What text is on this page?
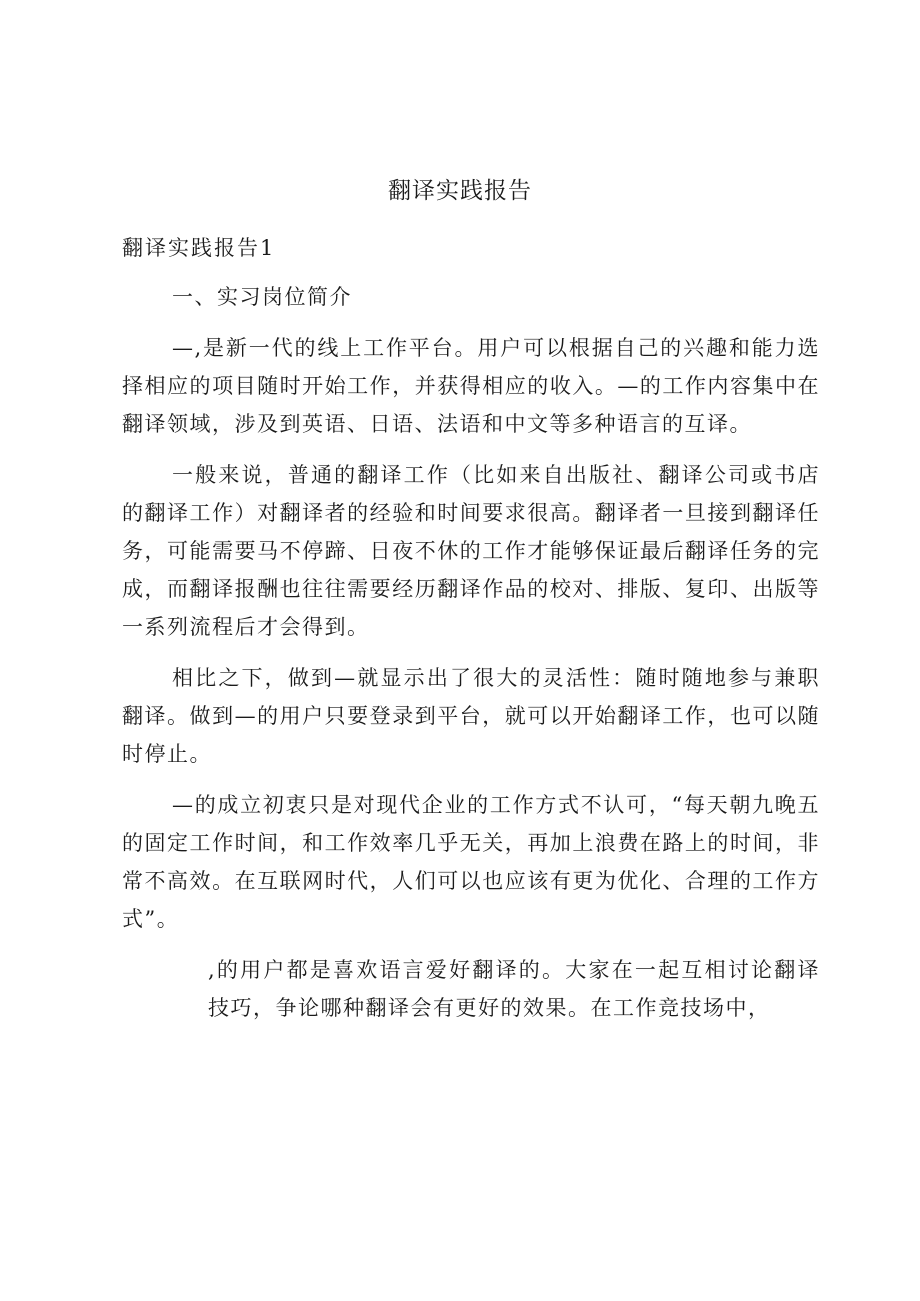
翻译实践报告
翻译实践报告1

一、实习岗位简介

—,是新一代的线上工作平台。用户可以根据自己的兴趣和能力选择相应的项目随时开始工作，并获得相应的收入。—的工作内容集中在翻译领域，涉及到英语、日语、法语和中文等多种语言的互译。

一般来说，普通的翻译工作（比如来自出版社、翻译公司或书店的翻译工作）对翻译者的经验和时间要求很高。翻译者一旦接到翻译任务，可能需要马不停蹄、日夜不休的工作才能够保证最后翻译任务的完成，而翻译报酬也往往需要经历翻译作品的校对、排版、复印、出版等一系列流程后才会得到。

相比之下，做到—就显示出了很大的灵活性：随时随地参与兼职翻译。做到—的用户只要登录到平台，就可以开始翻译工作，也可以随时停止。

—的成立初衷只是对现代企业的工作方式不认可，“每天朝九晚五的固定工作时间，和工作效率几乎无关，再加上浪费在路上的时间，非常不高效。在互联网时代，人们可以也应该有更为优化、合理的工作方式”。

,的用户都是喜欢语言爱好翻译的。大家在一起互相讨论翻译技巧，争论哪种翻译会有更好的效果。在工作竞技场中，
